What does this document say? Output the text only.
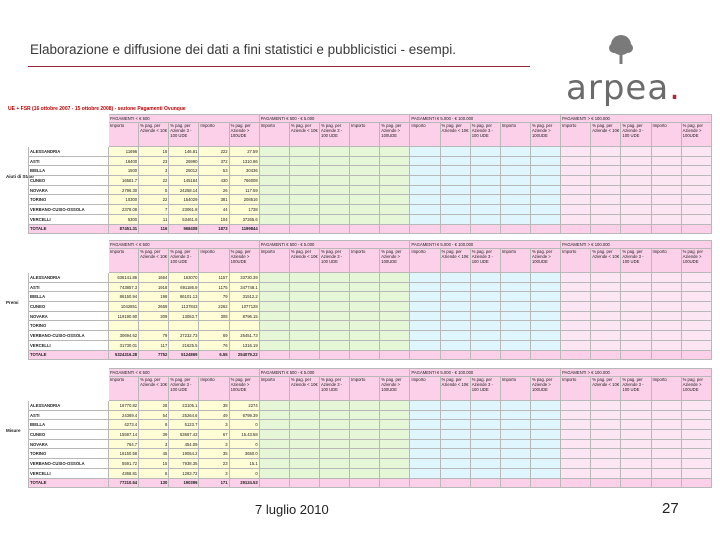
Elaborazione e diffusione dei dati a fini statistici e pubblicistici - esempi.
arpea.
UE + FSR (16 ottobre 2007 - 15 ottobre 2008) - sezione Pagamenti Ovunque
Aiuti di Stato
	PAGAMENTI < € 500					PAGAMENTI € 500 - € 5.000					PAGAMENTI € 5.000 - € 100.000					PAGAMENTI > € 100.000				
	Importo	% pag. per Aziende < 10€	% pag. per Aziende 3 - 100 UDE	Importo	% pag. per Aziende > 100UDE	Importo	% pag. per Aziende < 10€	% pag. per Aziende 3 - 100 UDE	Importo	% pag. per Aziende > 100UDE	Importo	% pag. per Aziende < 10€	% pag. per Aziende 3 - 100 UDE	Importo	% pag. per Aziende > 100UDE	Importo	% pag. per Aziende < 10€	% pag. per Aziende 3 - 100 UDE	Importo	% pag. per Aziende > 100UDE
ALESSANDRIA	11696	16	146.81	222	27.59															
ASTI	16400	23	26990	372	1310.86															
BIELLA	1500	3	25012	53	30436															
CUNEO	16581.7	22	145184	430	766008															
NOVARA	2796.30	5	24258.14	26	117.59															
TORINO	10300	22	154029	381	208516															
VERBANO-CUSIO-OSSOLA	2379.08	7	23061.8	44	1738															
VERCELLI	5300	11	53461.6	104	37265.6															
TOTALE	87451.31	116	968408	1873	1199844															
Premi
	PAGAMENTI < € 500					PAGAMENTI € 500 - € 5.000					PAGAMENTI € 5.000 - € 100.000					PAGAMENTI > € 100.000				
	Importo	% pag. per Aziende < 10€	% pag. per Aziende 3 - 100 UDE	Importo	% pag. per Aziende > 100UDE	Importo	% pag. per Aziende < 10€	% pag. per Aziende 3 - 100 UDE	Importo	% pag. per Aziende > 100UDE	Importo	% pag. per Aziende < 10€	% pag. per Aziende 3 - 100 UDE	Importo	% pag. per Aziende > 100UDE	Importo	% pag. per Aziende < 10€	% pag. per Aziende 3 - 100 UDE	Importo	% pag. per Aziende > 100UDE
ALESSANDRIA	636141.86	1664	163070	1157	33730.39															
ASTI	743857.3	1918	691186.9	1175	347748.1															
BIELLA	86150.94	198	86101.13	79	31512.2															
CUNEO	1042851	2669	1137843	2262	1077128															
NOVARA	119190.90	309	13053.7	308	8796.15															
TORINO																				
VERBANO-CUSIO-OSSOLA	30694.62	79	27232.73	69	25451.73															
VERCELLI	31730.01	117	21625.5	76	1316.19															
TOTALE	5324316.28	7752	5124869	6.55	254079.22															
Misure
	PAGAMENTI < € 500					PAGAMENTI € 500 - € 5.000					PAGAMENTI € 5.000 - € 100.000					PAGAMENTI > € 100.000				
	Importo	% pag. per Aziende < 10€	% pag. per Aziende 3 - 100 UDE	Importo	% pag. per Aziende > 100UDE	Importo	% pag. per Aziende < 10€	% pag. per Aziende 3 - 100 UDE	Importo	% pag. per Aziende > 100UDE	Importo	% pag. per Aziende < 10€	% pag. per Aziende 3 - 100 UDE	Importo	% pag. per Aziende > 100UDE	Importo	% pag. per Aziende < 10€	% pag. per Aziende 3 - 100 UDE	Importo	% pag. per Aziende > 100UDE
ALESSANDRIA	16770.82	28	23105.1	38	2274															
ASTI	24369.4	54	25264.6	49	6799.39															
BIELLA	4273.4	8	5123.7	3	0															
CUNEO	15597.14	39	53667.43	67	15.43.58															
NOVARA	764.7	3	454.09	3	0															
TORINO	16150.58	45	19054.2	35	3650.0															
VERBANO-CUSIO-OSSOLA	5591.72	15	7938.35	23	15.1															
VERCELLI	4368.81	6	1283.72	3	0															
TOTALE	77210.54	130	190396	171	29124.53															
7 luglio 2010	27
